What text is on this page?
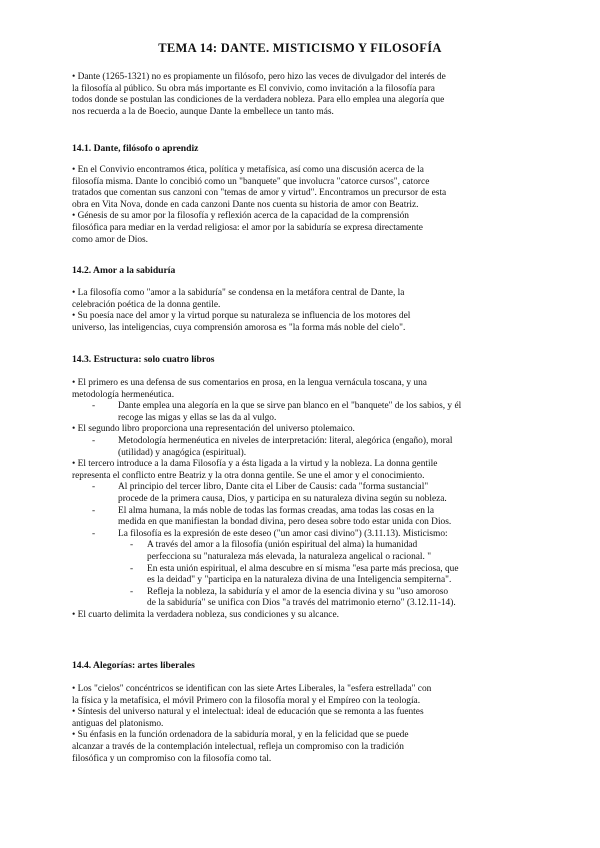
TEMA 14: DANTE. MISTICISMO Y FILOSOFÍA

• Dante (1265-1321) no es propiamente un filósofo, pero hizo las veces de divulgador del interés de

la filosofía al público. Su obra más importante es El convivio, como invitación a la filosofía para

todos donde se postulan las condiciones de la verdadera nobleza. Para ello emplea una alegoría que

nos recuerda a la de Boecio, aunque Dante la embellece un tanto más.

14.1. Dante, filósofo o aprendiz

• En el Convivio encontramos ética, política y metafísica, así como una discusión acerca de la

filosofía misma. Dante lo concibió como un "banquete" que involucra "catorce cursos", catorce

tratados que comentan sus canzoni con "temas de amor y virtud". Encontramos un precursor de esta

obra en Vita Nova, donde en cada canzoni Dante nos cuenta su historia de amor con Beatriz.

• Génesis de su amor por la filosofía y reflexión acerca de la capacidad de la comprensión

filosófica para mediar en la verdad religiosa: el amor por la sabiduría se expresa directamente

como amor de Dios.

14.2. Amor a la sabiduría

• La filosofía como "amor a la sabiduría" se condensa en la metáfora central de Dante, la

celebración poética de la donna gentile.

• Su poesía nace del amor y la virtud porque su naturaleza se influencia de los motores del

universo, las inteligencias, cuya comprensión amorosa es "la forma más noble del cielo".

14.3. Estructura: solo cuatro libros

• El primero es una defensa de sus comentarios en prosa, en la lengua vernácula toscana, y una

metodología hermenéutica.

- Dante emplea una alegoría en la que se sirve pan blanco en el "banquete" de los sabios, y él

recoge las migas y ellas se las da al vulgo.

• El segundo libro proporciona una representación del universo ptolemaico.

- Metodología hermenéutica en niveles de interpretación: literal, alegórica (engaño), moral

(utilidad) y anagógica (espiritual).

• El tercero introduce a la dama Filosofía y a ésta ligada a la virtud y la nobleza. La donna gentile

representa el conflicto entre Beatriz y la otra donna gentile. Se une el amor y el conocimiento.

- Al principio del tercer libro, Dante cita el Liber de Causis: cada "forma sustancial"

procede de la primera causa, Dios, y participa en su naturaleza divina según su nobleza.

- El alma humana, la más noble de todas las formas creadas, ama todas las cosas en la

medida en que manifiestan la bondad divina, pero desea sobre todo estar unida con Dios.

- La filosofía es la expresión de este deseo ("un amor casi divino") (3.11.13). Misticismo:

- A través del amor a la filosofía (unión espiritual del alma) la humanidad

perfecciona su "naturaleza más elevada, la naturaleza angelical o racional. "

- En esta unión espiritual, el alma descubre en sí misma "esa parte más preciosa, que

es la deidad" y "participa en la naturaleza divina de una Inteligencia sempiterna".

- Refleja la nobleza, la sabiduría y el amor de la esencia divina y su "uso amoroso

de la sabiduría" se unifica con Dios "a través del matrimonio eterno" (3.12.11-14).

• El cuarto delimita la verdadera nobleza, sus condiciones y su alcance.

14.4. Alegorías: artes liberales

• Los "cielos" concéntricos se identifican con las siete Artes Liberales, la "esfera estrellada" con

la física y la metafísica, el móvil Primero con la filosofía moral y el Empíreo con la teología.

• Síntesis del universo natural y el intelectual: ideal de educación que se remonta a las fuentes

antiguas del platonismo.

• Su énfasis en la función ordenadora de la sabiduría moral, y en la felicidad que se puede

alcanzar a través de la contemplación intelectual, refleja un compromiso con la tradición

filosófica y un compromiso con la filosofía como tal.
